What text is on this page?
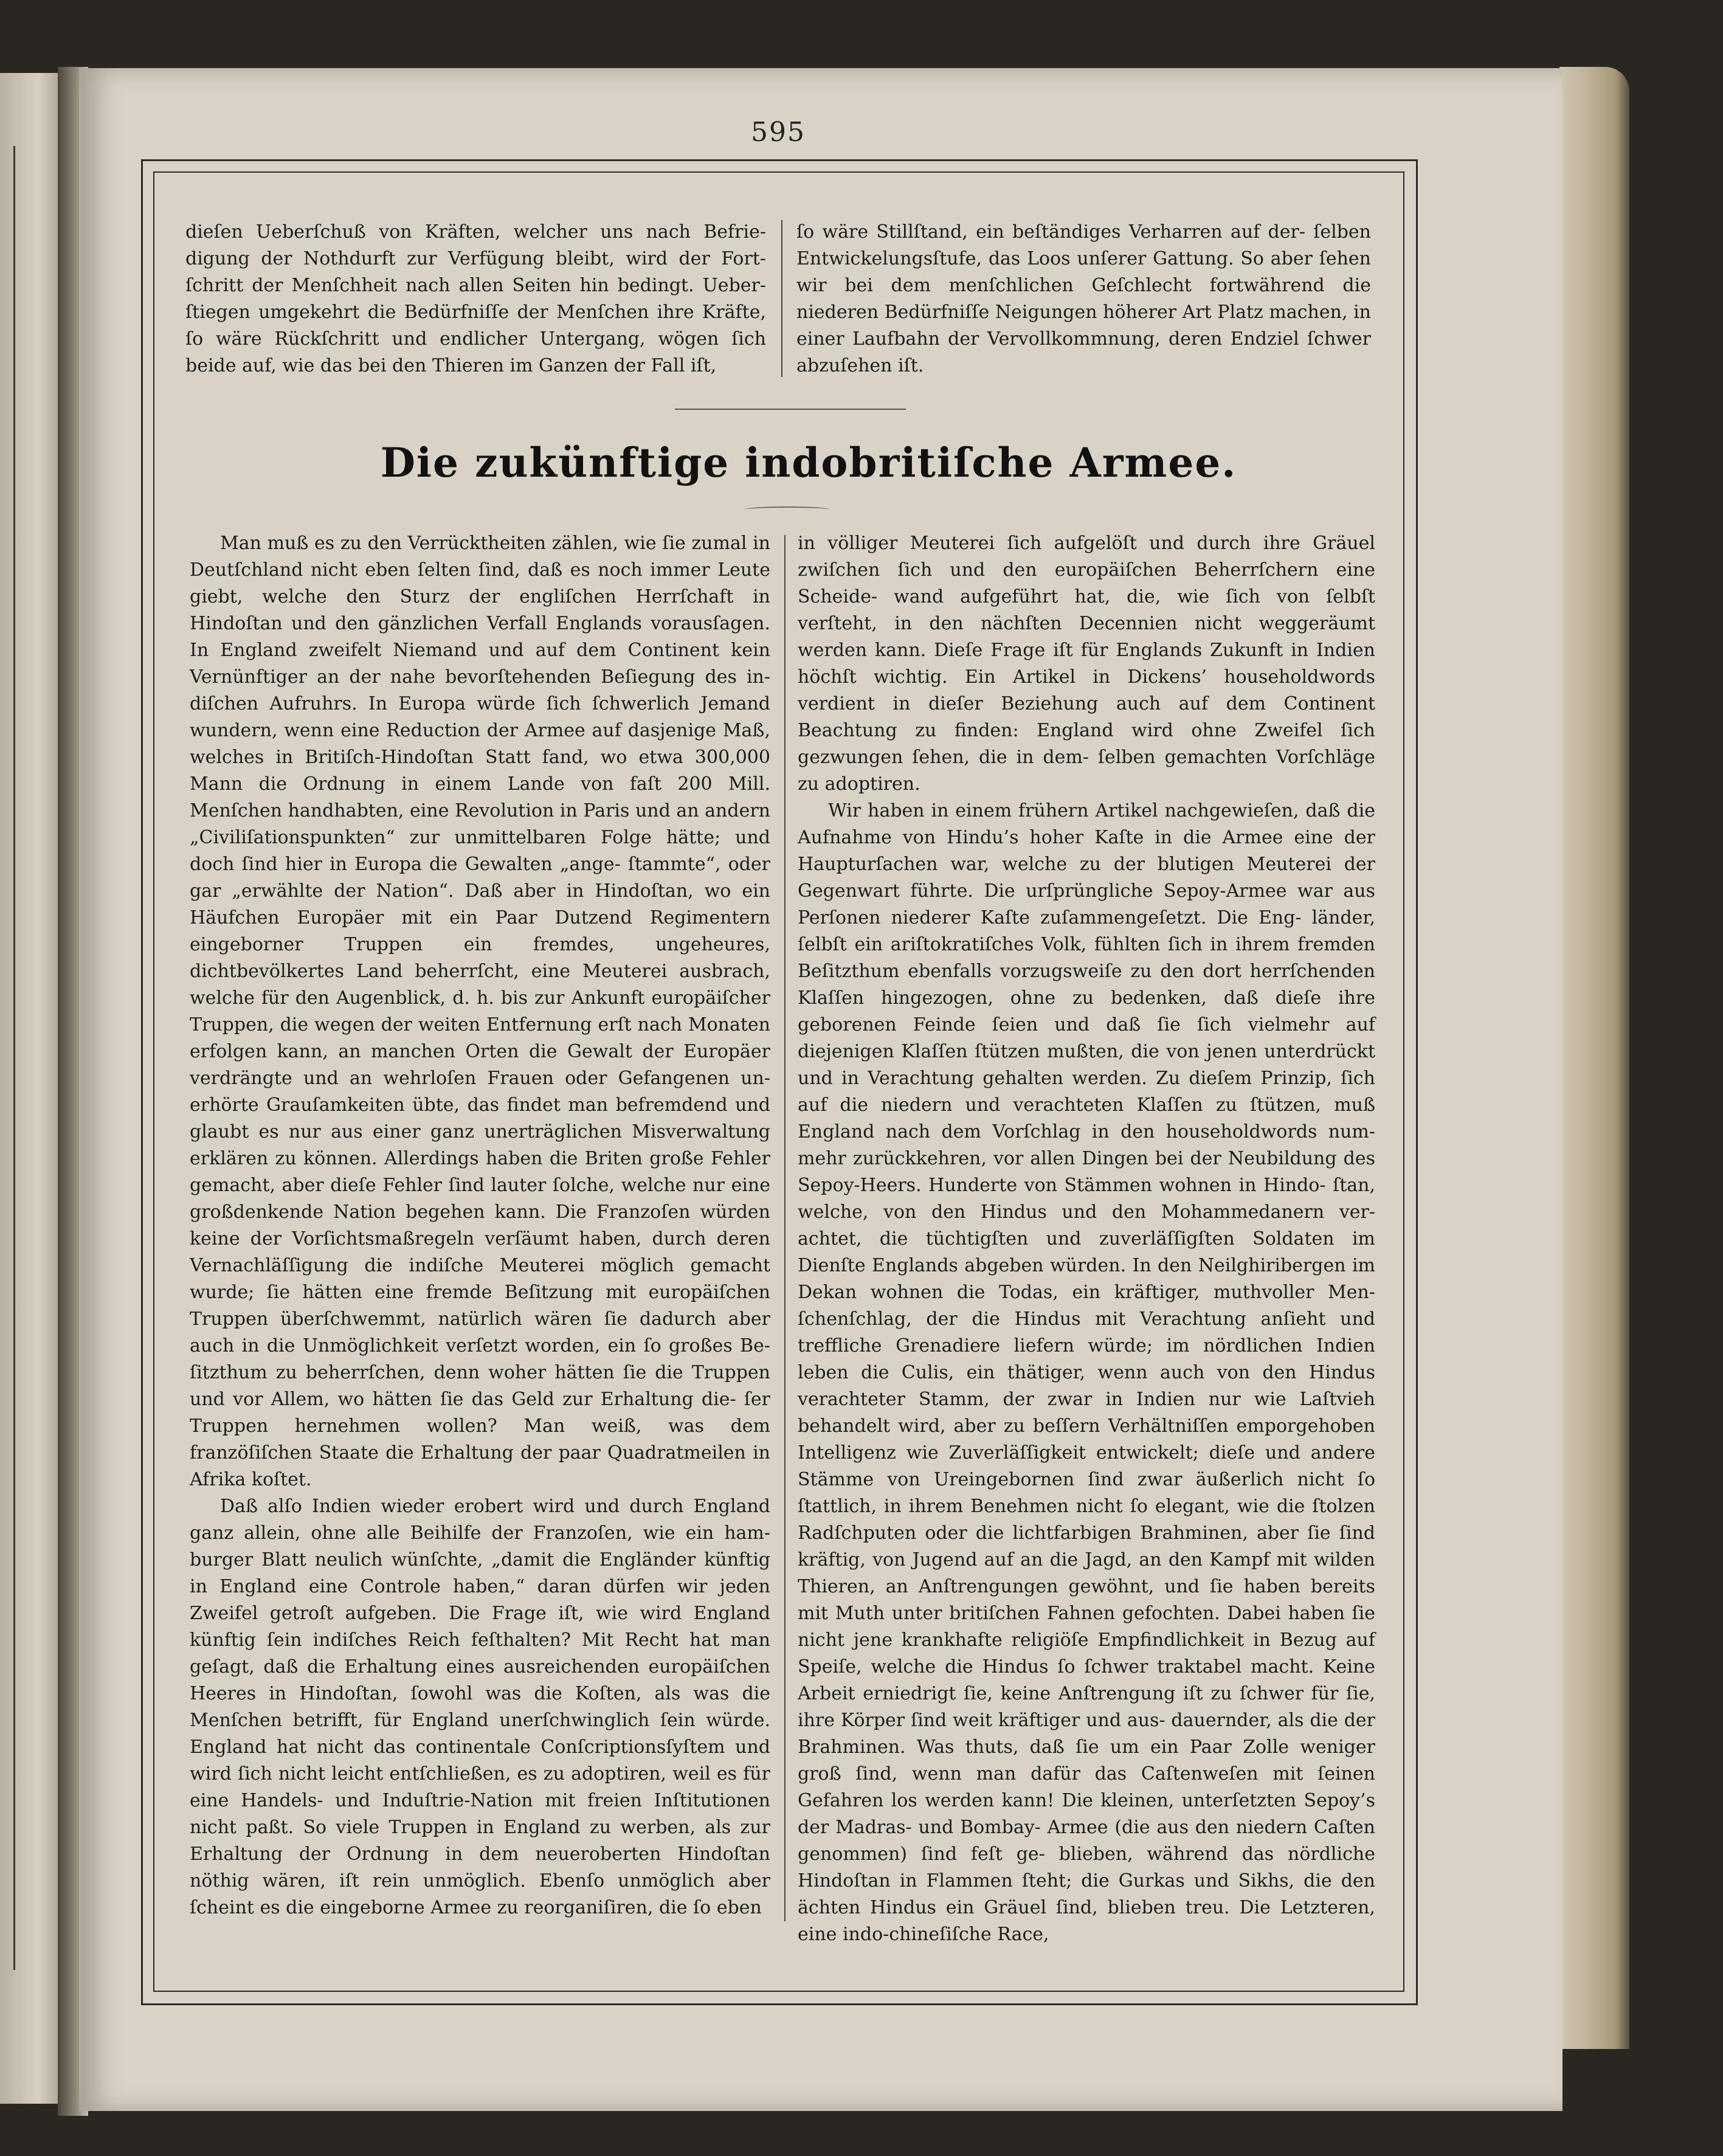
595

dieſen Ueberſchuß von Kräften, welcher uns nach Befrie- digung der Nothdurft zur Verfügung bleibt, wird der Fort- ſchritt der Menſchheit nach allen Seiten hin bedingt. Ueber- ſtiegen umgekehrt die Bedürfniſſe der Menſchen ihre Kräfte, ſo wäre Rückſchritt und endlicher Untergang, wögen ſich beide auf, wie das bei den Thieren im Ganzen der Fall iſt,

ſo wäre Stillſtand, ein beſtändiges Verharren auf der- ſelben Entwickelungsſtufe, das Loos unſerer Gattung. So aber ſehen wir bei dem menſchlichen Geſchlecht fortwährend die niederen Bedürfniſſe Neigungen höherer Art Platz machen, in einer Laufbahn der Vervollkommnung, deren Endziel ſchwer abzuſehen iſt.

Die zukünftige indobritiſche Armee.

Man muß es zu den Verrücktheiten zählen, wie ſie zumal in Deutſchland nicht eben ſelten ſind, daß es noch immer Leute giebt, welche den Sturz der engliſchen Herrſchaft in Hindoſtan und den gänzlichen Verfall Englands vorausſagen. In England zweifelt Niemand und auf dem Continent kein Vernünftiger an der nahe bevorſtehenden Beſiegung des in- diſchen Aufruhrs. In Europa würde ſich ſchwerlich Jemand wundern, wenn eine Reduction der Armee auf dasjenige Maß, welches in Britiſch-Hindoſtan Statt fand, wo etwa 300,000 Mann die Ordnung in einem Lande von faſt 200 Mill. Menſchen handhabten, eine Revolution in Paris und an andern „Civiliſationspunkten“ zur unmittelbaren Folge hätte; und doch ſind hier in Europa die Gewalten „ange- ſtammte“, oder gar „erwählte der Nation“. Daß aber in Hindoſtan, wo ein Häufchen Europäer mit ein Paar Dutzend Regimentern eingeborner Truppen ein fremdes, ungeheures, dichtbevölkertes Land beherrſcht, eine Meuterei ausbrach, welche für den Augenblick, d. h. bis zur Ankunft europäiſcher Truppen, die wegen der weiten Entfernung erſt nach Monaten erfolgen kann, an manchen Orten die Gewalt der Europäer verdrängte und an wehrloſen Frauen oder Gefangenen un- erhörte Grauſamkeiten übte, das findet man befremdend und glaubt es nur aus einer ganz unerträglichen Misverwaltung erklären zu können. Allerdings haben die Briten große Fehler gemacht, aber dieſe Fehler ſind lauter ſolche, welche nur eine großdenkende Nation begehen kann. Die Franzoſen würden keine der Vorſichtsmaßregeln verſäumt haben, durch deren Vernachläſſigung die indiſche Meuterei möglich gemacht wurde; ſie hätten eine fremde Beſitzung mit europäiſchen Truppen überſchwemmt, natürlich wären ſie dadurch aber auch in die Unmöglichkeit verſetzt worden, ein ſo großes Be- ſitzthum zu beherrſchen, denn woher hätten ſie die Truppen und vor Allem, wo hätten ſie das Geld zur Erhaltung die- ſer Truppen hernehmen wollen? Man weiß, was dem franzöſiſchen Staate die Erhaltung der paar Quadratmeilen in Afrika koſtet.

Daß alſo Indien wieder erobert wird und durch England ganz allein, ohne alle Beihilfe der Franzoſen, wie ein ham- burger Blatt neulich wünſchte, „damit die Engländer künftig in England eine Controle haben,“ daran dürfen wir jeden Zweifel getroſt aufgeben. Die Frage iſt, wie wird England künftig ſein indiſches Reich feſthalten? Mit Recht hat man geſagt, daß die Erhaltung eines ausreichenden europäiſchen Heeres in Hindoſtan, ſowohl was die Koſten, als was die Menſchen betrifft, für England unerſchwinglich ſein würde. England hat nicht das continentale Conſcriptionsſyſtem und wird ſich nicht leicht entſchließen, es zu adoptiren, weil es für eine Handels- und Induſtrie-Nation mit freien Inſtitutionen nicht paßt. So viele Truppen in England zu werben, als zur Erhaltung der Ordnung in dem neueroberten Hindoſtan nöthig wären, iſt rein unmöglich. Ebenſo unmöglich aber ſcheint es die eingeborne Armee zu reorganiſiren, die ſo eben

in völliger Meuterei ſich aufgelöſt und durch ihre Gräuel zwiſchen ſich und den europäiſchen Beherrſchern eine Scheide- wand aufgeführt hat, die, wie ſich von ſelbſt verſteht, in den nächſten Decennien nicht weggeräumt werden kann. Dieſe Frage iſt für Englands Zukunft in Indien höchſt wichtig. Ein Artikel in Dickens’ householdwords verdient in dieſer Beziehung auch auf dem Continent Beachtung zu finden: England wird ohne Zweifel ſich gezwungen ſehen, die in dem- ſelben gemachten Vorſchläge zu adoptiren.

Wir haben in einem frühern Artikel nachgewieſen, daß die Aufnahme von Hindu’s hoher Kaſte in die Armee eine der Haupturſachen war, welche zu der blutigen Meuterei der Gegenwart führte. Die urſprüngliche Sepoy-Armee war aus Perſonen niederer Kaſte zuſammengeſetzt. Die Eng- länder, ſelbſt ein ariſtokratiſches Volk, fühlten ſich in ihrem fremden Beſitzthum ebenfalls vorzugsweiſe zu den dort herrſchenden Klaſſen hingezogen, ohne zu bedenken, daß dieſe ihre geborenen Feinde ſeien und daß ſie ſich vielmehr auf diejenigen Klaſſen ſtützen mußten, die von jenen unterdrückt und in Verachtung gehalten werden. Zu dieſem Prinzip, ſich auf die niedern und verachteten Klaſſen zu ſtützen, muß England nach dem Vorſchlag in den householdwords num- mehr zurückkehren, vor allen Dingen bei der Neubildung des Sepoy-Heers. Hunderte von Stämmen wohnen in Hindo- ſtan, welche, von den Hindus und den Mohammedanern ver- achtet, die tüchtigſten und zuverläſſigſten Soldaten im Dienſte Englands abgeben würden. In den Neilghiribergen im Dekan wohnen die Todas, ein kräftiger, muthvoller Men- ſchenſchlag, der die Hindus mit Verachtung anſieht und treffliche Grenadiere liefern würde; im nördlichen Indien leben die Culis, ein thätiger, wenn auch von den Hindus verachteter Stamm, der zwar in Indien nur wie Laſtvieh behandelt wird, aber zu beſſern Verhältniſſen emporgehoben Intelligenz wie Zuverläſſigkeit entwickelt; dieſe und andere Stämme von Ureingebornen ſind zwar äußerlich nicht ſo ſtattlich, in ihrem Benehmen nicht ſo elegant, wie die ſtolzen Radſchputen oder die lichtfarbigen Brahminen, aber ſie ſind kräftig, von Jugend auf an die Jagd, an den Kampf mit wilden Thieren, an Anſtrengungen gewöhnt, und ſie haben bereits mit Muth unter britiſchen Fahnen gefochten. Dabei haben ſie nicht jene krankhafte religiöſe Empfindlichkeit in Bezug auf Speiſe, welche die Hindus ſo ſchwer traktabel macht. Keine Arbeit erniedrigt ſie, keine Anſtrengung iſt zu ſchwer für ſie, ihre Körper ſind weit kräftiger und aus- dauernder, als die der Brahminen. Was thuts, daß ſie um ein Paar Zolle weniger groß ſind, wenn man dafür das Caſtenweſen mit ſeinen Gefahren los werden kann! Die kleinen, unterſetzten Sepoy’s der Madras- und Bombay- Armee (die aus den niedern Caſten genommen) ſind feſt ge- blieben, während das nördliche Hindoſtan in Flammen ſteht; die Gurkas und Sikhs, die den ächten Hindus ein Gräuel ſind, blieben treu. Die Letzteren, eine indo-chineſiſche Race,
